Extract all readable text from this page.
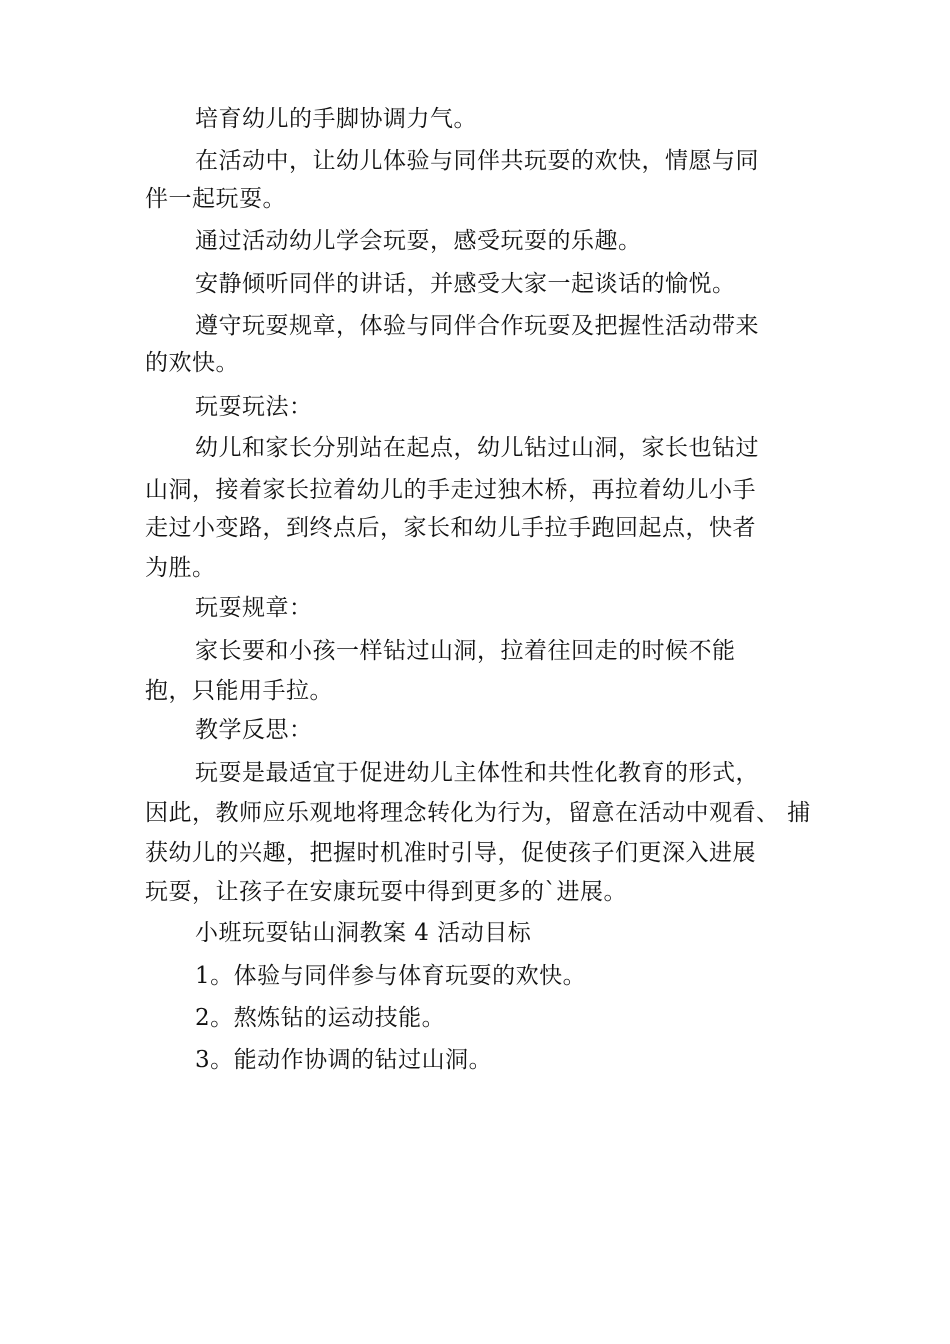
培育幼儿的手脚协调力气。

在活动中，让幼儿体验与同伴共玩耍的欢快，情愿与同

伴一起玩耍。

通过活动幼儿学会玩耍，感受玩耍的乐趣。

安静倾听同伴的讲话，并感受大家一起谈话的愉悦。

遵守玩耍规章，体验与同伴合作玩耍及把握性活动带来

的欢快。

玩耍玩法：

幼儿和家长分别站在起点，幼儿钻过山洞，家长也钻过

山洞，接着家长拉着幼儿的手走过独木桥，再拉着幼儿小手

走过小变路，到终点后，家长和幼儿手拉手跑回起点，快者

为胜。

玩耍规章：

家长要和小孩一样钻过山洞，拉着往回走的时候不能

抱，只能用手拉。

教学反思：

玩耍是最适宜于促进幼儿主体性和共性化教育的形式，

因此，教师应乐观地将理念转化为行为，留意在活动中观看、 捕

获幼儿的兴趣，把握时机准时引导，促使孩子们更深入进展

玩耍，让孩子在安康玩耍中得到更多的`进展。

小班玩耍钻山洞教案 4 活动目标

1。体验与同伴参与体育玩耍的欢快。

2。熬炼钻的运动技能。

3。能动作协调的钻过山洞。
